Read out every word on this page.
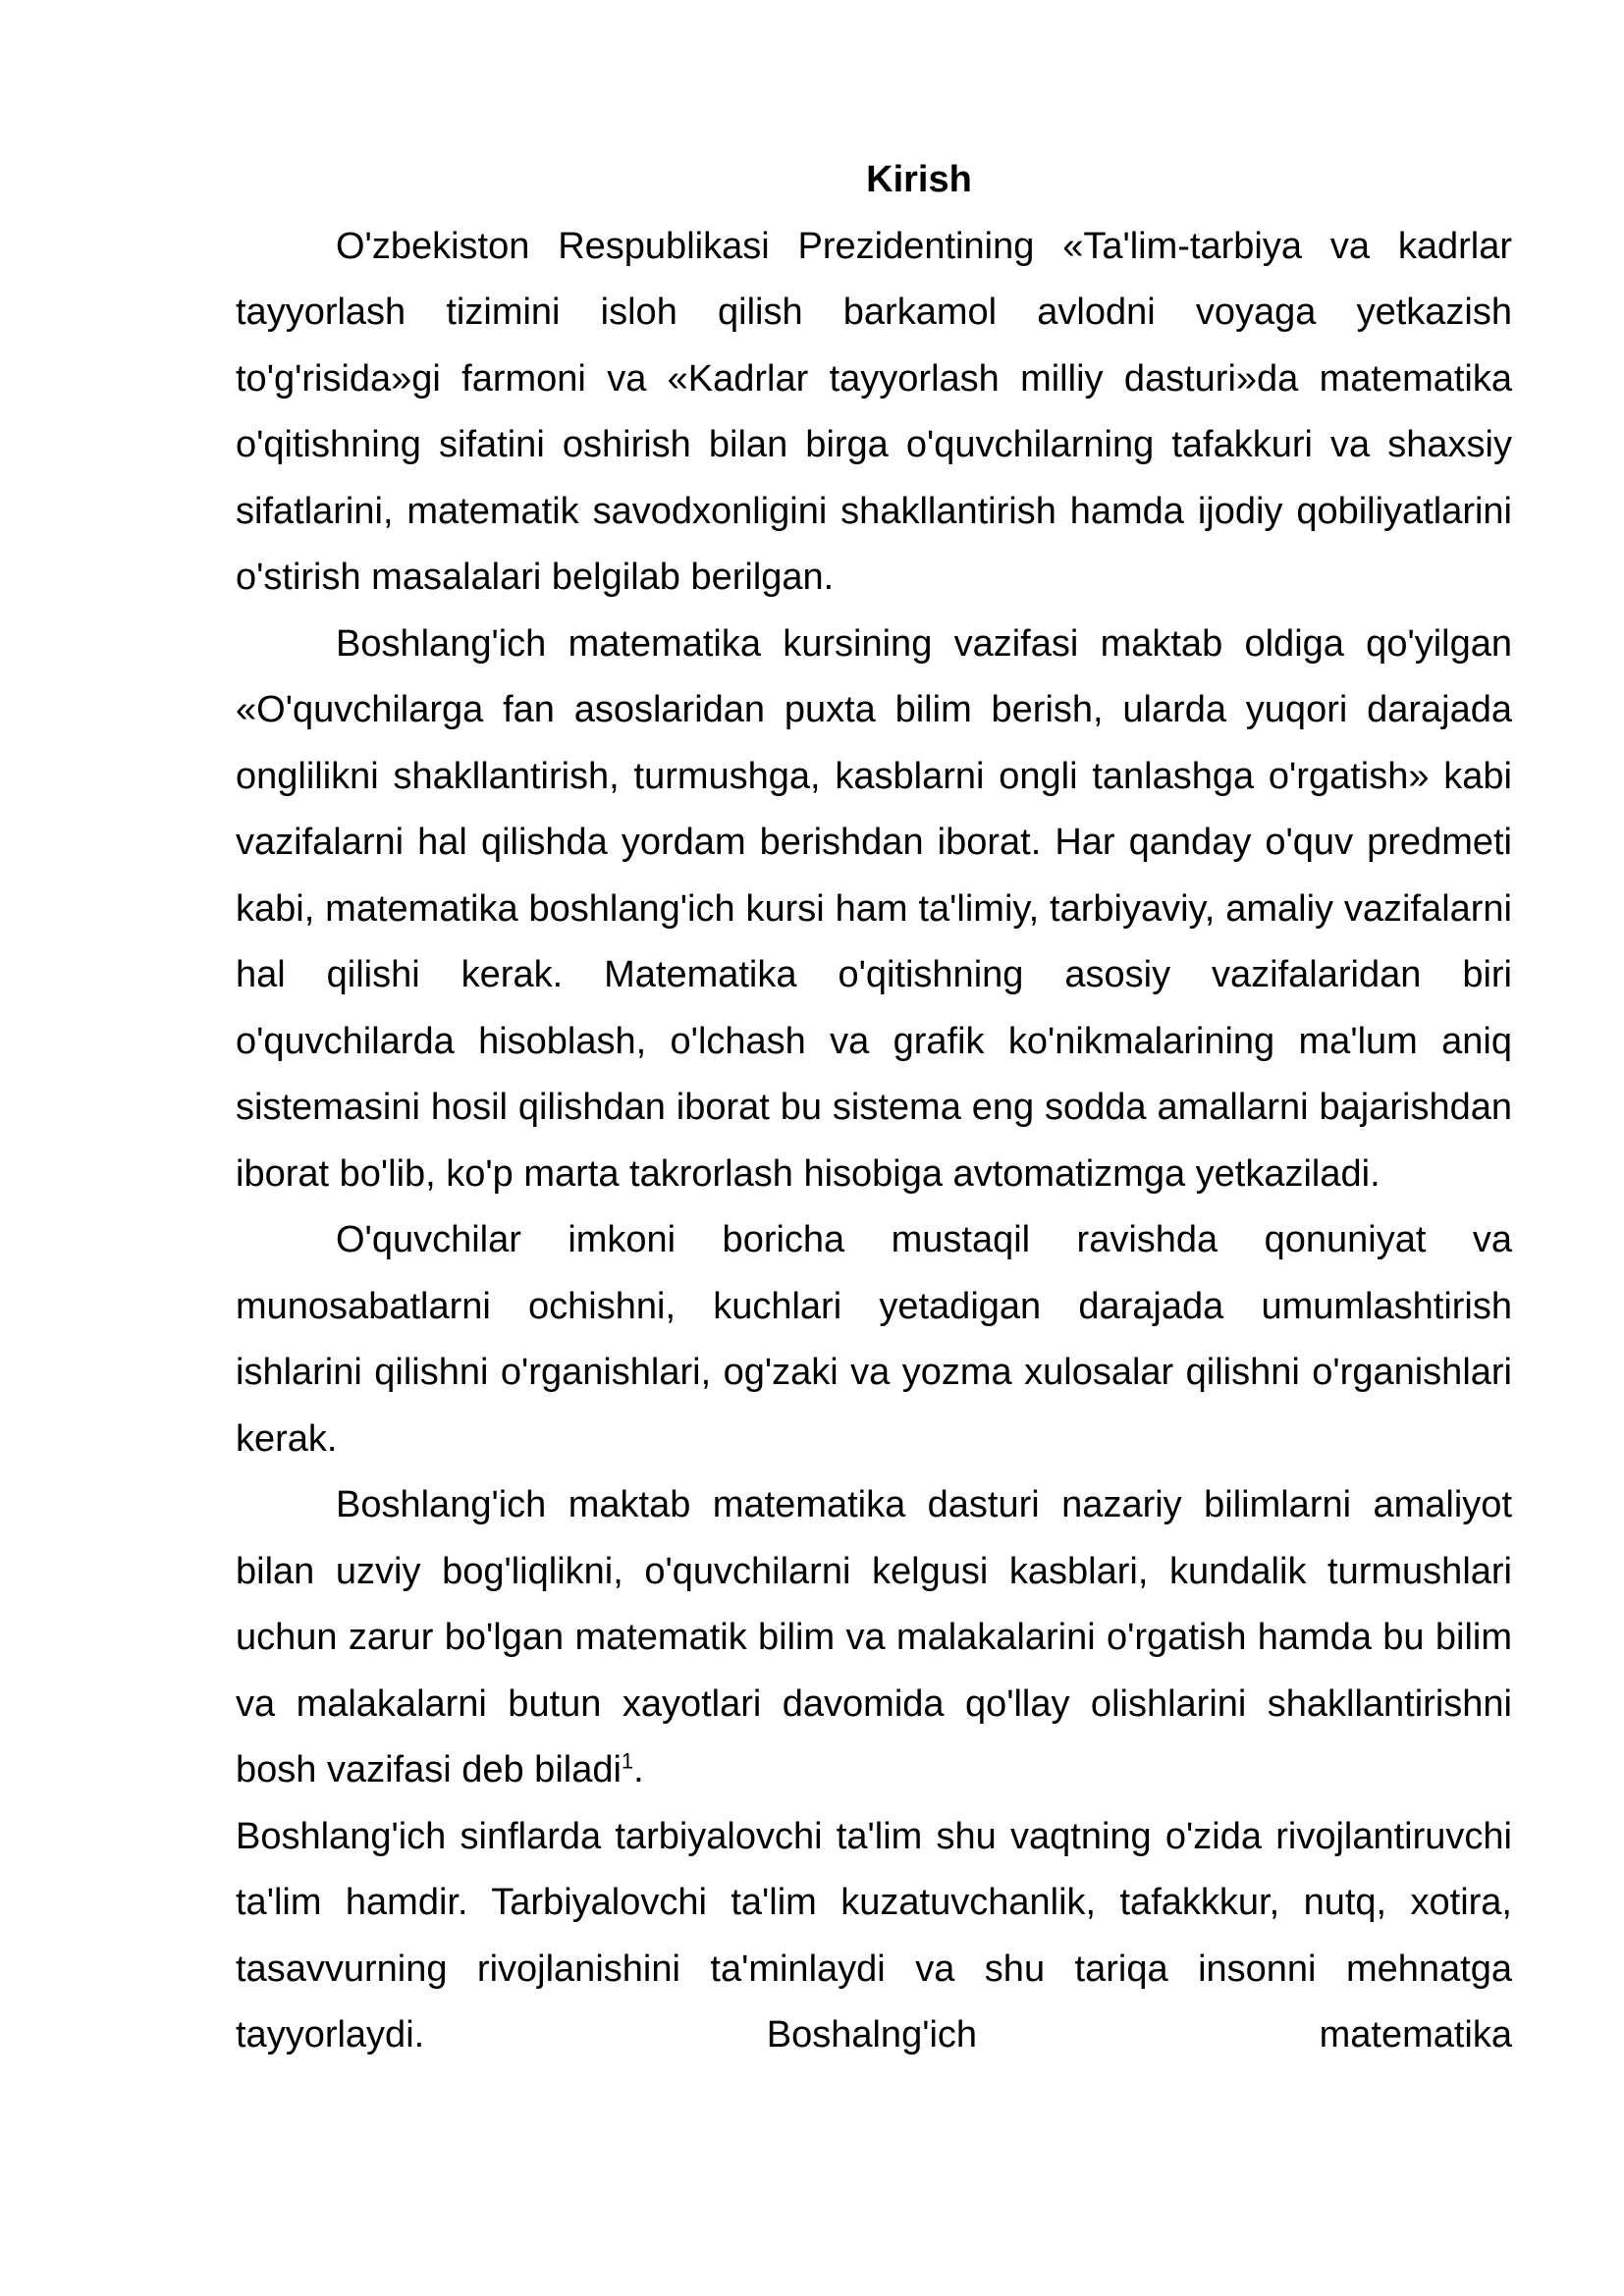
Kirish

O'zbekiston Respublikasi Prezidentining «Ta'lim-tarbiya va kadrlar tayyorlash tizimini isloh qilish barkamol avlodni voyaga yetkazish to'g'risida»gi farmoni va «Kadrlar tayyorlash milliy dasturi»da matematika o'qitishning sifatini oshirish bilan birga o'quvchilarning tafakkuri va shaxsiy sifatlarini, matematik savodxonligini shakllantirish hamda ijodiy qobiliyatlarini o'stirish masalalari belgilab berilgan.

Boshlang'ich matematika kursining vazifasi maktab oldiga qo'yilgan «O'quvchilarga fan asoslaridan puxta bilim berish, ularda yuqori darajada onglilikni shakllantirish, turmushga, kasblarni ongli tanlashga o'rgatish» kabi vazifalarni hal qilishda yordam berishdan iborat. Har qanday o'quv predmeti kabi, matematika boshlang'ich kursi ham ta'limiy, tarbiyaviy, amaliy vazifalarni hal qilishi kerak. Matematika o'qitishning asosiy vazifalaridan biri o'quvchilarda hisoblash, o'lchash va grafik ko'nikmalarining ma'lum aniq sistemasini hosil qilishdan iborat bu sistema eng sodda amallarni bajarishdan iborat bo'lib, ko'p marta takrorlash hisobiga avtomatizmga yetkaziladi.

O'quvchilar imkoni boricha mustaqil ravishda qonuniyat va munosabatlarni ochishni, kuchlari yetadigan darajada umumlashtirish ishlarini qilishni o'rganishlari, og'zaki va yozma xulosalar qilishni o'rganishlari kerak.

Boshlang'ich maktab matematika dasturi nazariy bilimlarni amaliyot bilan uzviy bog'liqlikni, o'quvchilarni kelgusi kasblari, kundalik turmushlari uchun zarur bo'lgan matematik bilim va malakalarini o'rgatish hamda bu bilim va malakalarni butun xayotlari davomida qo'llay olishlarini shakllantirishni bosh vazifasi deb biladi$^1$.

Boshlang'ich sinflarda tarbiyalovchi ta'lim shu vaqtning o'zida rivojlantiruvchi ta'lim hamdir. Tarbiyalovchi ta'lim kuzatuvchanlik, tafakkkur, nutq, xotira, tasavvurning rivojlanishini ta'minlaydi va shu tariqa insonni mehnatga tayyorlaydi. Boshalng'ich matematika
